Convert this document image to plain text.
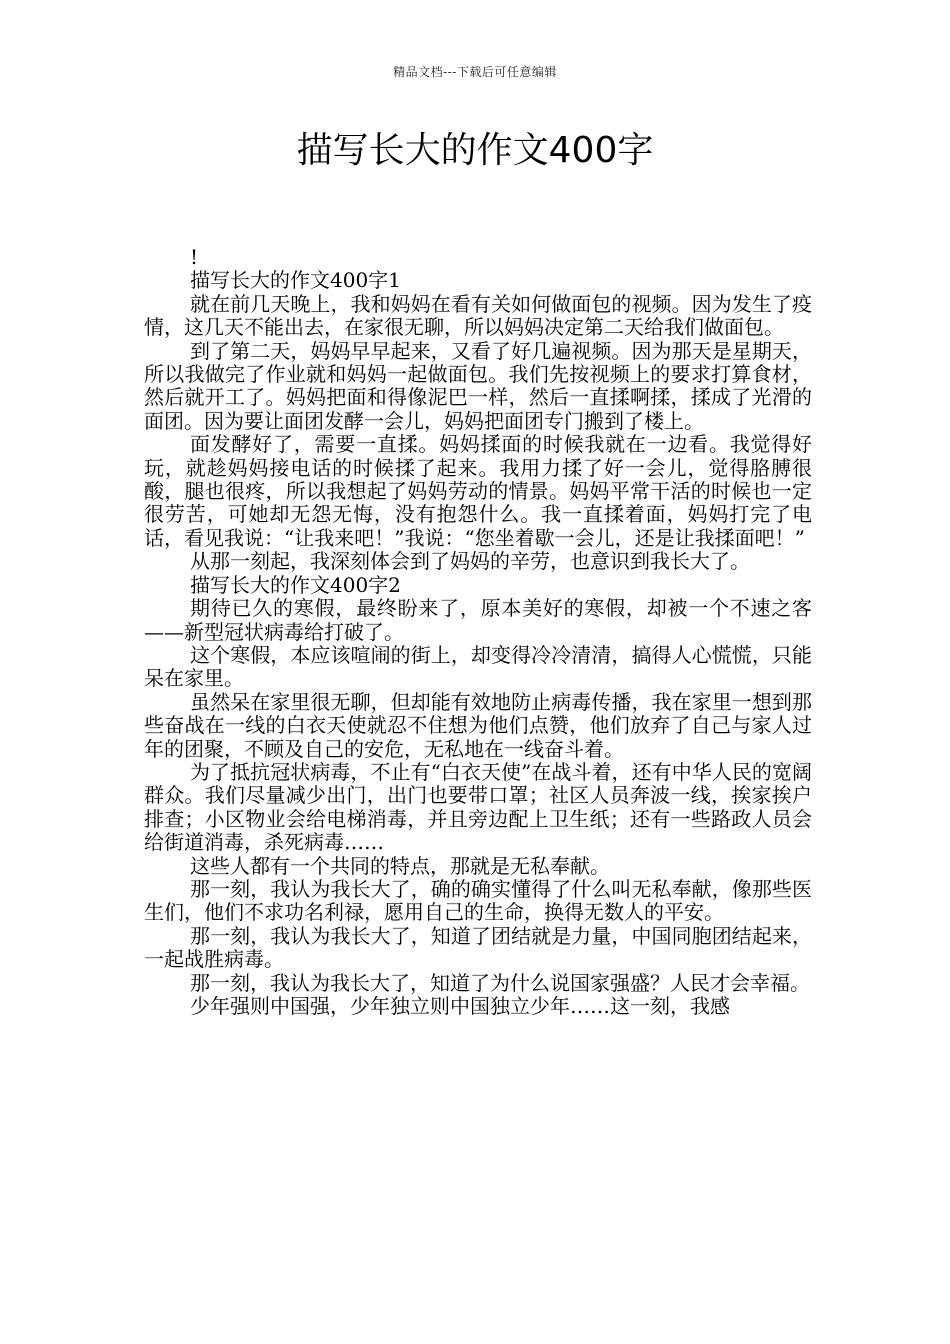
精品文档---下载后可任意编辑
描写长大的作文400字

!

描写长大的作文400字1

就在前几天晚上，我和妈妈在看有关如何做面包的视频。因为发生了疫情，这几天不能出去，在家很无聊，所以妈妈决定第二天给我们做面包。

到了第二天，妈妈早早起来，又看了好几遍视频。因为那天是星期天，所以我做完了作业就和妈妈一起做面包。我们先按视频上的要求打算食材，然后就开工了。妈妈把面和得像泥巴一样，然后一直揉啊揉，揉成了光滑的面团。因为要让面团发酵一会儿，妈妈把面团专门搬到了楼上。

面发酵好了，需要一直揉。妈妈揉面的时候我就在一边看。我觉得好玩，就趁妈妈接电话的时候揉了起来。我用力揉了好一会儿，觉得胳膊很酸，腿也很疼，所以我想起了妈妈劳动的情景。妈妈平常干活的时候也一定很劳苦，可她却无怨无悔，没有抱怨什么。我一直揉着面，妈妈打完了电话，看见我说：“让我来吧！”我说：“您坐着歇一会儿，还是让我揉面吧！”

从那一刻起，我深刻体会到了妈妈的辛劳，也意识到我长大了。

描写长大的作文400字2

期待已久的寒假，最终盼来了，原本美好的寒假，却被一个不速之客——新型冠状病毒给打破了。

这个寒假，本应该喧闹的街上，却变得冷冷清清，搞得人心慌慌，只能呆在家里。

虽然呆在家里很无聊，但却能有效地防止病毒传播，我在家里一想到那些奋战在一线的白衣天使就忍不住想为他们点赞，他们放弃了自己与家人过年的团聚，不顾及自己的安危，无私地在一线奋斗着。

为了抵抗冠状病毒，不止有“白衣天使”在战斗着，还有中华人民的宽阔群众。我们尽量减少出门，出门也要带口罩；社区人员奔波一线，挨家挨户排查；小区物业会给电梯消毒，并且旁边配上卫生纸；还有一些路政人员会给街道消毒，杀死病毒……

这些人都有一个共同的特点，那就是无私奉献。

那一刻，我认为我长大了，确的确实懂得了什么叫无私奉献，像那些医生们，他们不求功名利禄，愿用自己的生命，换得无数人的平安。

那一刻，我认为我长大了，知道了团结就是力量，中国同胞团结起来，一起战胜病毒。

那一刻，我认为我长大了，知道了为什么说国家强盛？人民才会幸福。

少年强则中国强，少年独立则中国独立少年……这一刻，我感
